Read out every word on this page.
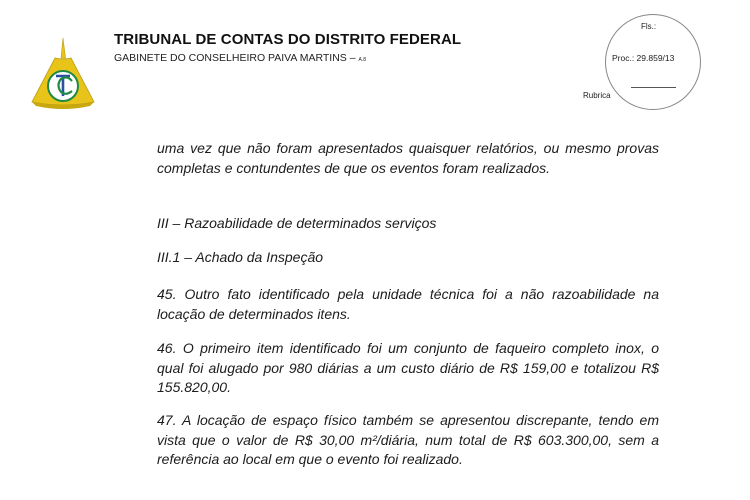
TRIBUNAL DE CONTAS DO DISTRITO FEDERAL
GABINETE DO CONSELHEIRO PAIVA MARTINS – A.8
Fls.:
Proc.: 29.859/13
Rubrica

uma vez que não foram apresentados quaisquer relatórios, ou mesmo provas completas e contundentes de que os eventos foram realizados.

III – Razoabilidade de determinados serviços

III.1 – Achado da Inspeção

45. Outro fato identificado pela unidade técnica foi a não razoabilidade na locação de determinados itens.

46. O primeiro item identificado foi um conjunto de faqueiro completo inox, o qual foi alugado por 980 diárias a um custo diário de R$ 159,00 e totalizou R$ 155.820,00.

47. A locação de espaço físico também se apresentou discrepante, tendo em vista que o valor de R$ 30,00 m²/diária, num total de R$ 603.300,00, sem a referência ao local em que o evento foi realizado.
